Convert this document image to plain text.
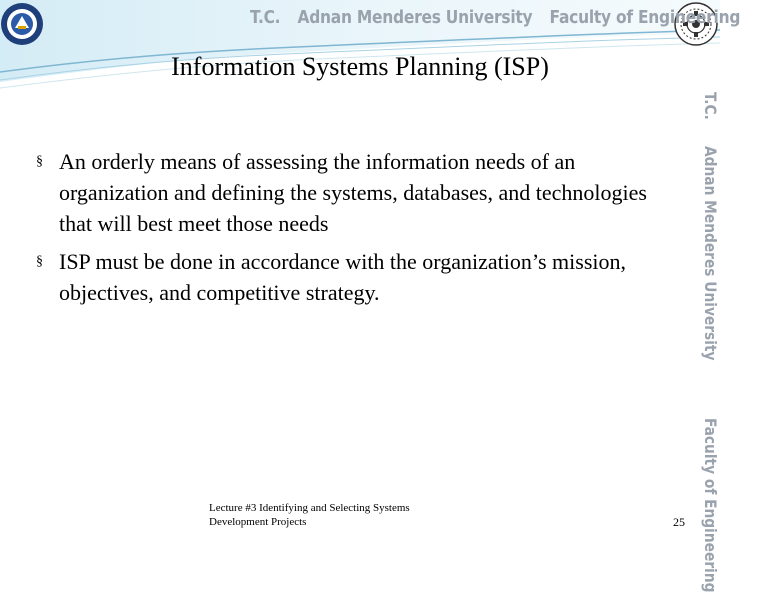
T.C. Adnan Menderes University Faculty of Engineering
T.C.
Adnan Menderes University
Faculty of Engineering
Information Systems Planning (ISP)
§ An orderly means of assessing the information needs of an organization and defining the systems, databases, and technologies that will best meet those needs
§ ISP must be done in accordance with the organization’s mission, objectives, and competitive strategy.
Lecture #3 Identifying and Selecting Systems
Development Projects	25
